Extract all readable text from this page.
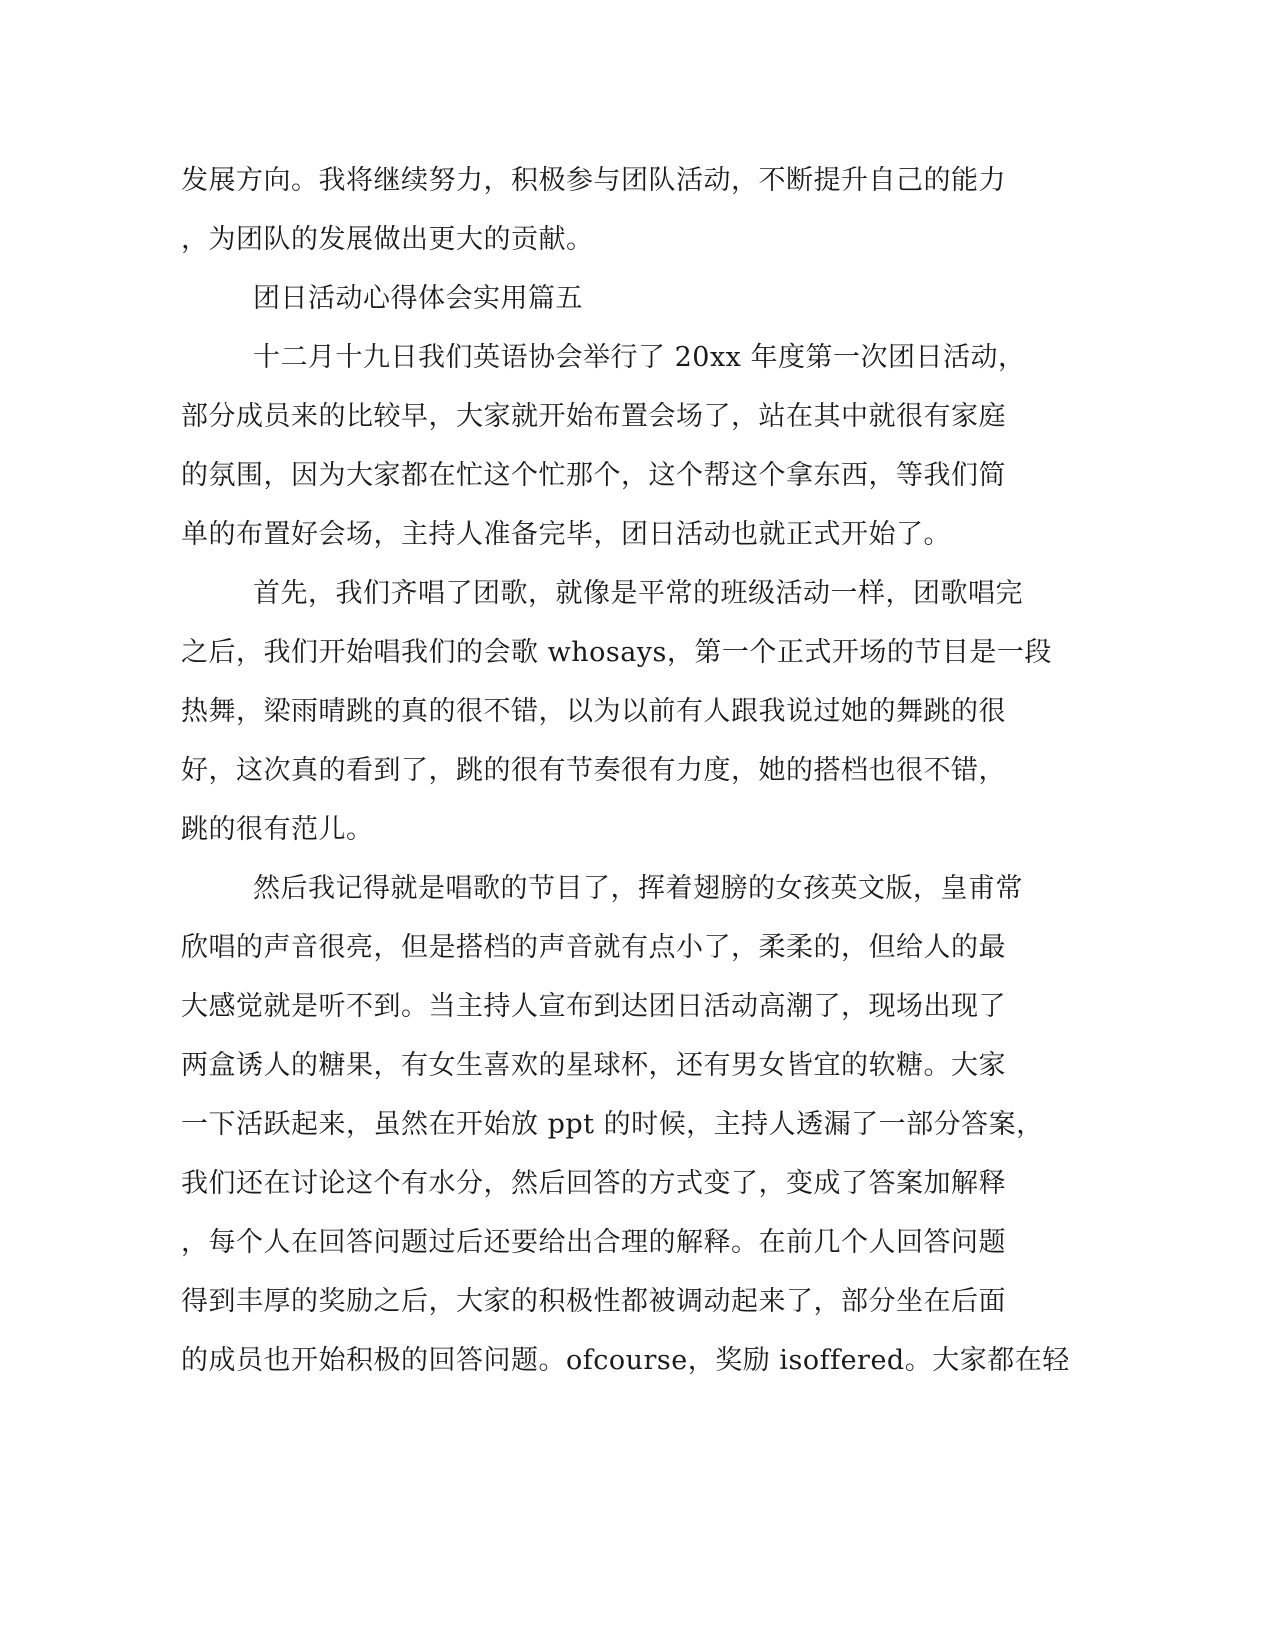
发展方向。我将继续努力，积极参与团队活动，不断提升自己的能力
，为团队的发展做出更大的贡献。
团日活动心得体会实用篇五
十二月十九日我们英语协会举行了 20xx 年度第一次团日活动，
部分成员来的比较早，大家就开始布置会场了，站在其中就很有家庭
的氛围，因为大家都在忙这个忙那个，这个帮这个拿东西，等我们简
单的布置好会场，主持人准备完毕，团日活动也就正式开始了。
首先，我们齐唱了团歌，就像是平常的班级活动一样，团歌唱完
之后，我们开始唱我们的会歌 whosays，第一个正式开场的节目是一段
热舞，梁雨晴跳的真的很不错，以为以前有人跟我说过她的舞跳的很
好，这次真的看到了，跳的很有节奏很有力度，她的搭档也很不错，
跳的很有范儿。
然后我记得就是唱歌的节目了，挥着翅膀的女孩英文版，皇甫常
欣唱的声音很亮，但是搭档的声音就有点小了，柔柔的，但给人的最
大感觉就是听不到。当主持人宣布到达团日活动高潮了，现场出现了
两盒诱人的糖果，有女生喜欢的星球杯，还有男女皆宜的软糖。大家
一下活跃起来，虽然在开始放 ppt 的时候，主持人透漏了一部分答案，
我们还在讨论这个有水分，然后回答的方式变了，变成了答案加解释
，每个人在回答问题过后还要给出合理的解释。在前几个人回答问题
得到丰厚的奖励之后，大家的积极性都被调动起来了，部分坐在后面
的成员也开始积极的回答问题。ofcourse，奖励 isoffered。大家都在轻
